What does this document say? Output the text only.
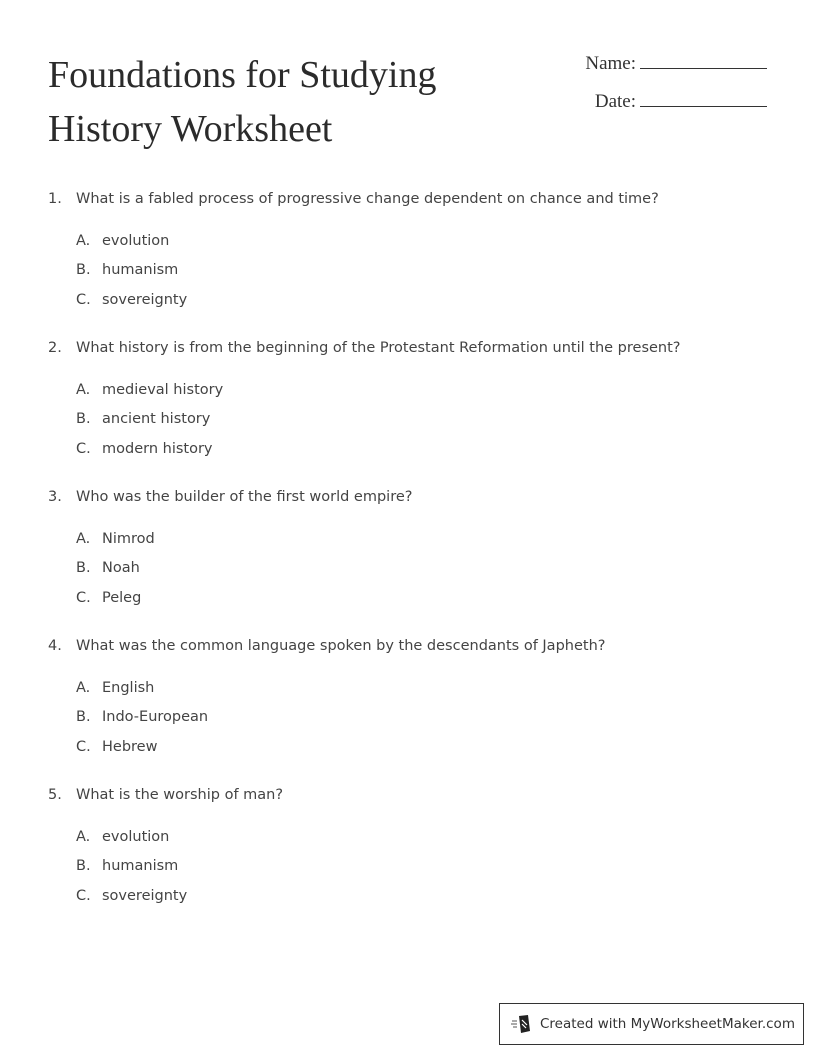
Foundations for Studying
History Worksheet
Name:
Date:
1. What is a fabled process of progressive change dependent on chance and time?
A. evolution
B. humanism
C. sovereignty
2. What history is from the beginning of the Protestant Reformation until the present?
A. medieval history
B. ancient history
C. modern history
3. Who was the builder of the first world empire?
A. Nimrod
B. Noah
C. Peleg
4. What was the common language spoken by the descendants of Japheth?
A. English
B. Indo-European
C. Hebrew
5. What is the worship of man?
A. evolution
B. humanism
C. sovereignty
Created with MyWorksheetMaker.com
